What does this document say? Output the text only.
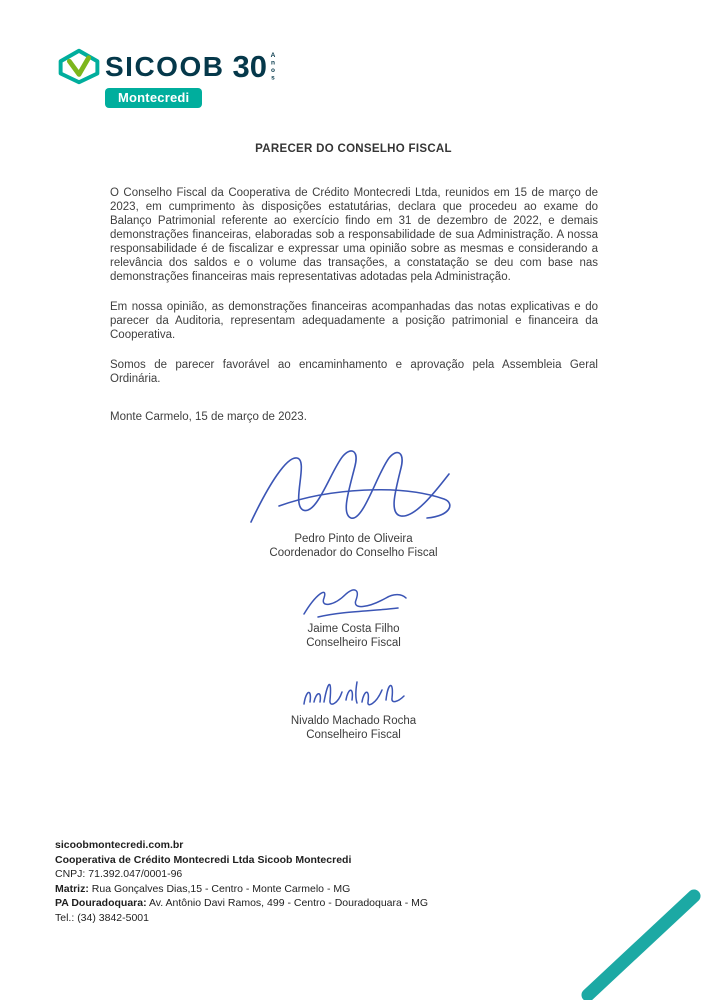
SICOOB 30 Anos
Montecredi
PARECER DO CONSELHO FISCAL

O Conselho Fiscal da Cooperativa de Crédito Montecredi Ltda, reunidos em 15 de março de 2023, em cumprimento às disposições estatutárias, declara que procedeu ao exame do Balanço Patrimonial referente ao exercício findo em 31 de dezembro de 2022, e demais demonstrações financeiras, elaboradas sob a responsabilidade de sua Administração. A nossa responsabilidade é de fiscalizar e expressar uma opinião sobre as mesmas e considerando a relevância dos saldos e o volume das transações, a constatação se deu com base nas demonstrações financeiras mais representativas adotadas pela Administração.

Em nossa opinião, as demonstrações financeiras acompanhadas das notas explicativas e do parecer da Auditoria, representam adequadamente a posição patrimonial e financeira da Cooperativa.

Somos de parecer favorável ao encaminhamento e aprovação pela Assembleia Geral Ordinária.

Monte Carmelo, 15 de março de 2023.

Pedro Pinto de Oliveira
Coordenador do Conselho Fiscal
Jaime Costa Filho
Conselheiro Fiscal
Nivaldo Machado Rocha
Conselheiro Fiscal
sicoobmontecredi.com.br
Cooperativa de Crédito Montecredi Ltda Sicoob Montecredi
CNPJ: 71.392.047/0001-96
Matriz: Rua Gonçalves Dias,15 - Centro - Monte Carmelo - MG
PA Douradoquara: Av. Antônio Davi Ramos, 499 - Centro - Douradoquara - MG
Tel.: (34) 3842-5001
